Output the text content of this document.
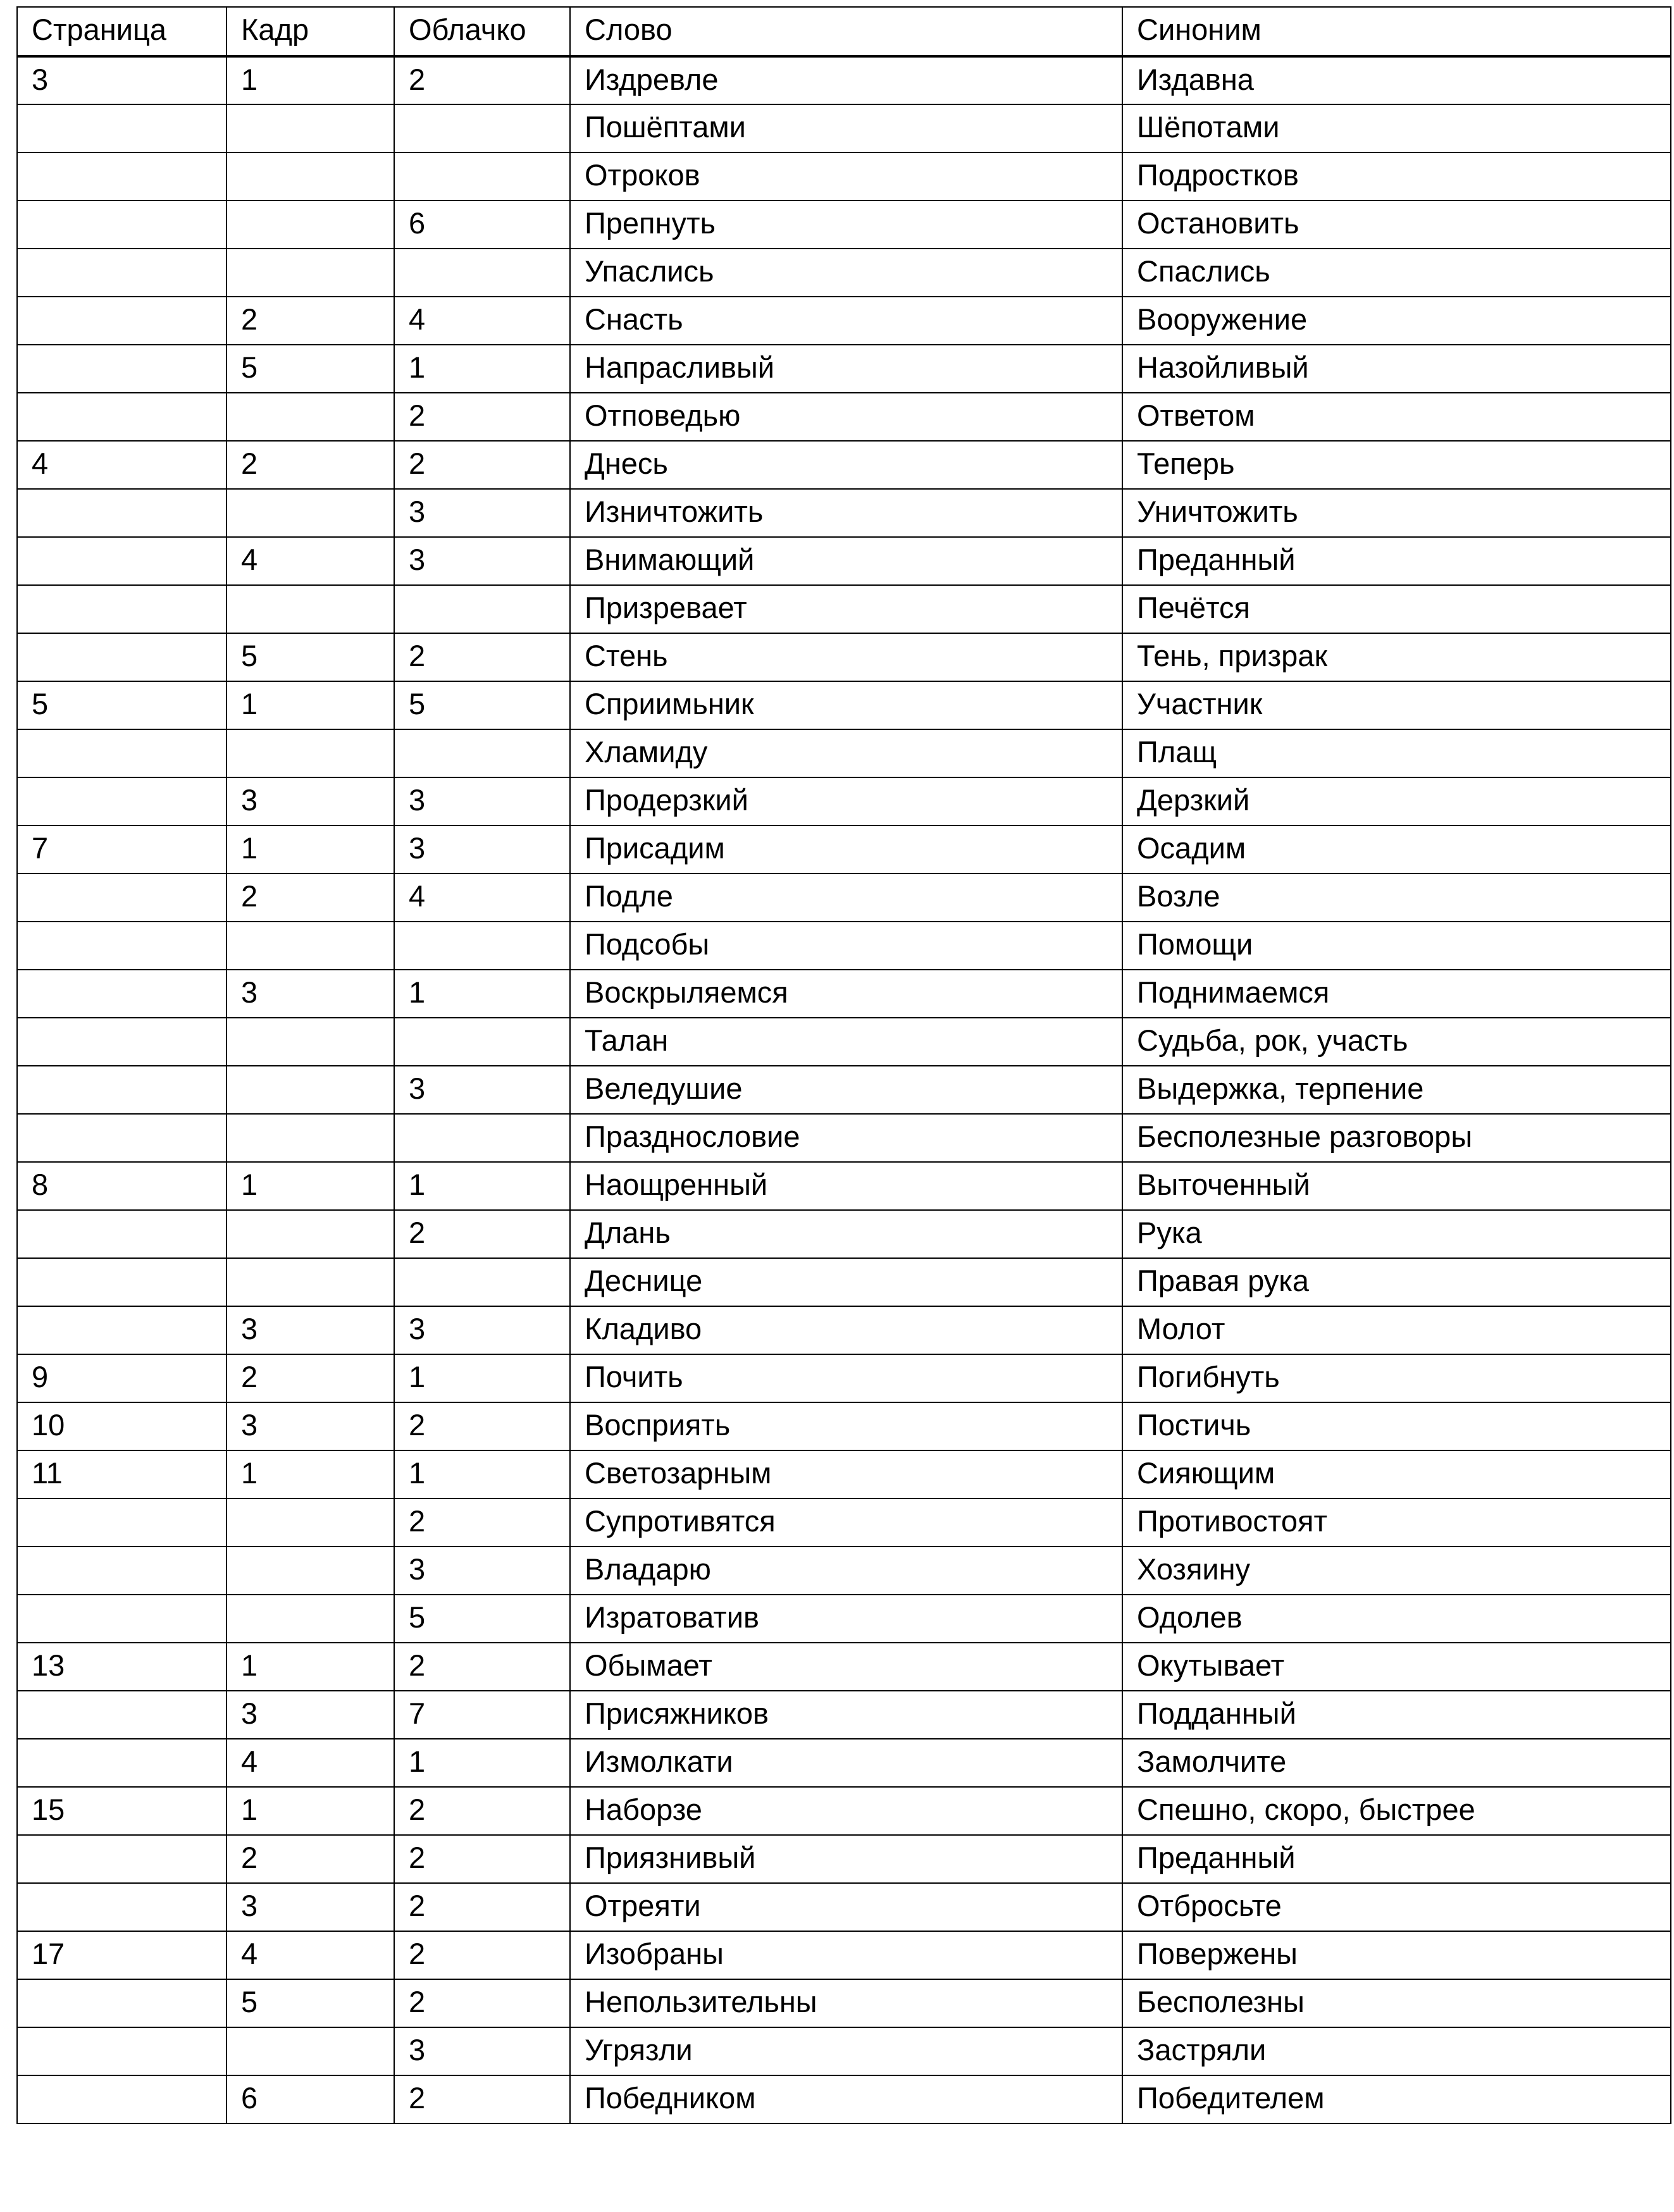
Страница	Кадр	Облачко	Слово	Синоним
3	1	2	Издревле	Издавна
			Пошёптами	Шёпотами
			Отроков	Подростков
		6	Препнуть	Остановить
			Упаслись	Спаслись
	2	4	Снасть	Вооружение
	5	1	Напрасливый	Назойливый
		2	Отповедью	Ответом
4	2	2	Днесь	Теперь
		3	Изничтожить	Уничтожить
	4	3	Внимающий	Преданный
			Призревает	Печётся
	5	2	Стень	Тень, призрак
5	1	5	Сприимьник	Участник
			Хламиду	Плащ
	3	3	Продерзкий	Дерзкий
7	1	3	Присадим	Осадим
	2	4	Подле	Возле
			Подсобы	Помощи
	3	1	Воскрыляемся	Поднимаемся
			Талан	Судьба, рок, участь
		3	Веледушие	Выдержка, терпение
			Празднословие	Бесполезные разговоры
8	1	1	Наощренный	Выточенный
		2	Длань	Рука
			Деснице	Правая рука
	3	3	Кладиво	Молот
9	2	1	Почить	Погибнуть
10	3	2	Восприять	Постичь
11	1	1	Светозарным	Сияющим
		2	Супротивятся	Противостоят
		3	Владарю	Хозяину
		5	Изратоватив	Одолев
13	1	2	Обымает	Окутывает
	3	7	Присяжников	Подданный
	4	1	Измолкати	Замолчите
15	1	2	Наборзе	Спешно, скоро, быстрее
	2	2	Приязнивый	Преданный
	3	2	Отреяти	Отбросьте
17	4	2	Изобраны	Повержены
	5	2	Непользительны	Бесполезны
		3	Угрязли	Застряли
	6	2	Победником	Победителем
